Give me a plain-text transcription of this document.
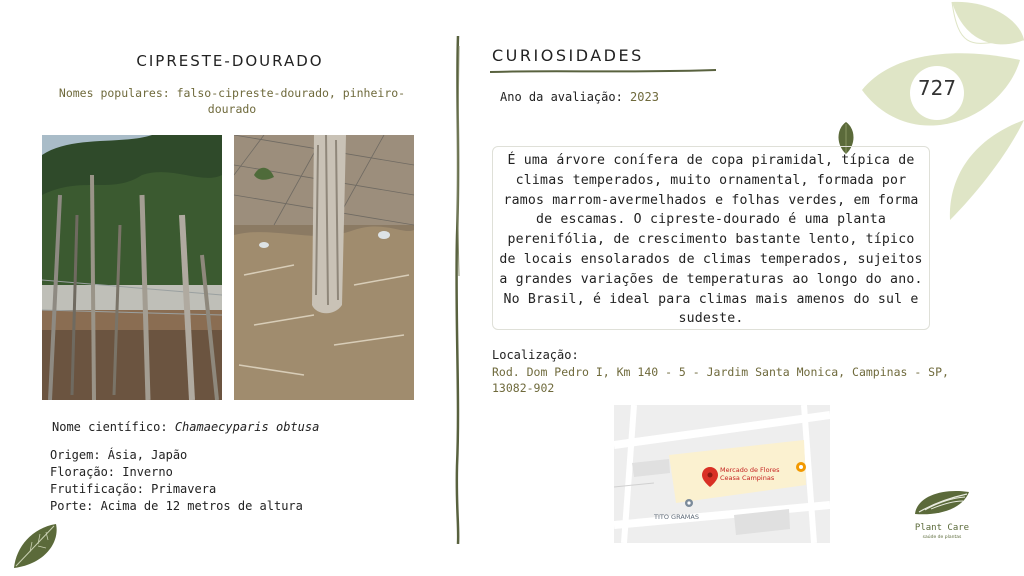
CIPRESTE-DOURADO
Nomes populares: falso-cipreste-dourado, pinheiro-dourado
Nome científico: Chamaecyparis obtusa
Origem: Ásia, Japão
Floração: Inverno
Frutificação: Primavera
Porte: Acima de 12 metros de altura
CURIOSIDADES
Ano da avaliação: 2023	727
É uma árvore conífera de copa piramidal, típica de climas temperados, muito ornamental, formada por ramos marrom-avermelhados e folhas verdes, em forma de escamas. O cipreste-dourado é uma planta perenifólia, de crescimento bastante lento, típico de locais ensolarados de climas temperados, sujeitos a grandes variações de temperaturas ao longo do ano. No Brasil, é ideal para climas mais amenos do sul e sudeste.
Localização:
Rod. Dom Pedro I, Km 140 - 5 - Jardim Santa Monica, Campinas - SP, 13082-902
Mercado de Flores
Ceasa Campinas
TITO GRAMAS
Plant Care
saúde de plantas
